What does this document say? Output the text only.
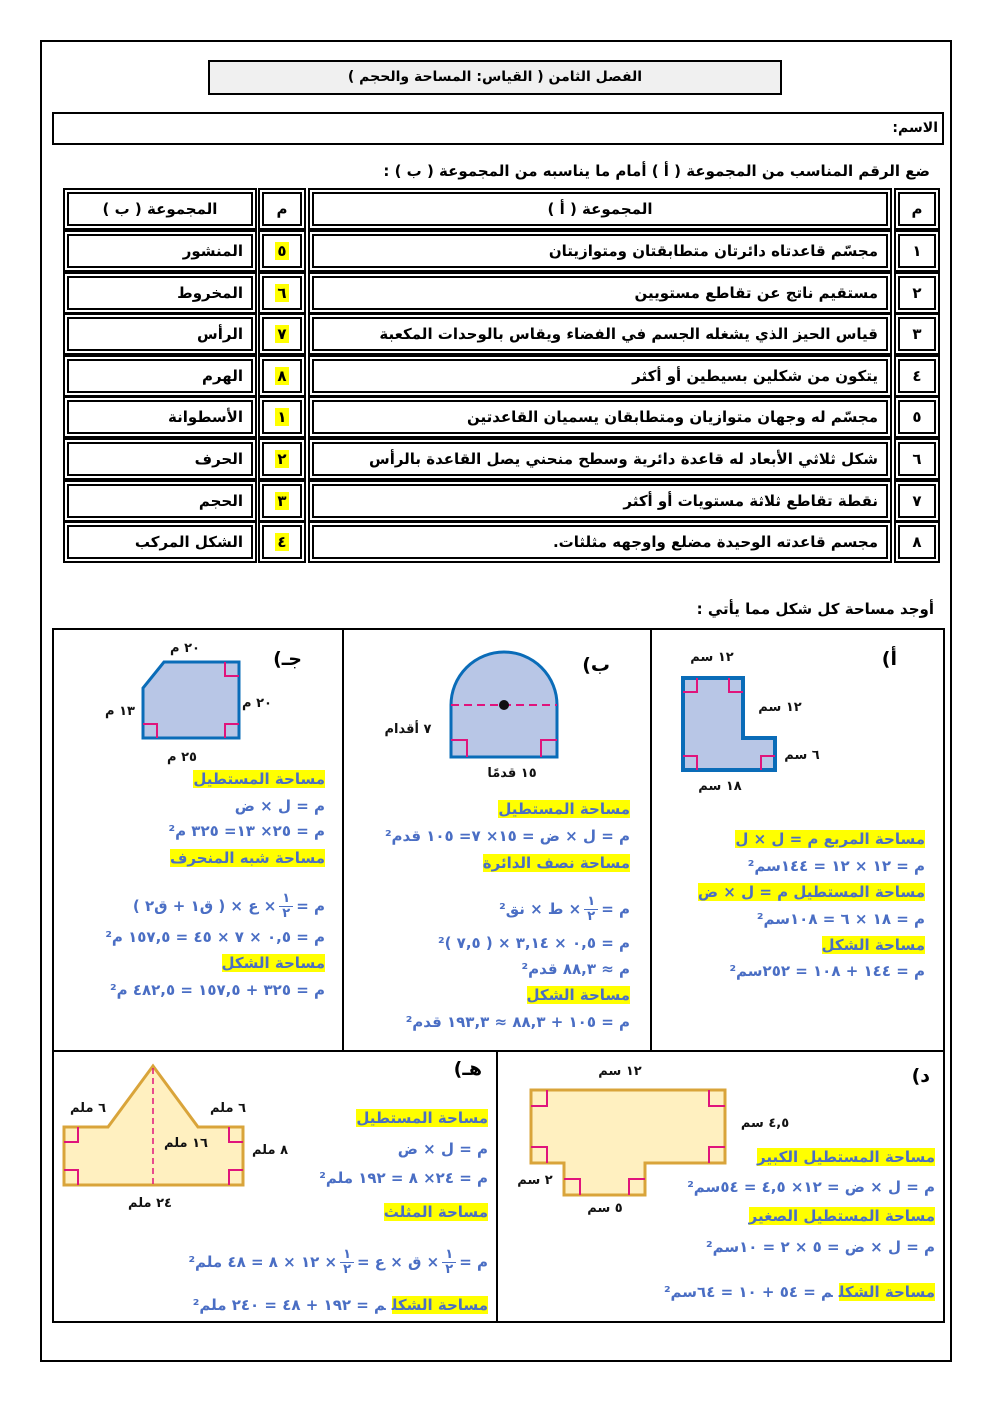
الفصل الثامن ( القياس: المساحة والحجم )
الاسم:
ضع الرقم المناسب من المجموعة ( أ ) أمام ما يناسبه من المجموعة ( ب ) :
م
المجموعة ( أ )
م
المجموعة ( ب )
١
مجسّم قاعدتاه دائرتان متطابقتان ومتوازيتان
٥
المنشور
٢
مستقيم ناتج عن تقاطع مستويين
٦
المخروط
٣
قياس الحيز الذي يشغله الجسم في الفضاء ويقاس بالوحدات المكعبة
٧
الرأس
٤
يتكون من شكلين بسيطين أو أكثر
٨
الهرم
٥
مجسّم له وجهان متوازيان ومتطابقان يسميان القاعدتين
١
الأسطوانة
٦
شكل ثلاثي الأبعاد له قاعدة دائرية وسطح منحني يصل القاعدة بالرأس
٢
الحرف
٧
نقطة تقاطع ثلاثة مستويات أو أكثر
٣
الحجم
٨
مجسم قاعدته الوحيدة مضلع واوجهه مثلثات.
٤
الشكل المركب
أوجد مساحة كل شكل مما يأتي :
أ)
١٢ سم
١٢ سم
٦ سم
١٨ سم
مساحة المربع م = ل × ل
م = ١٢ × ١٢ = ١٤٤سم²
مساحة المستطيل م = ل × ض
م = ١٨ × ٦ = ١٠٨سم²
مساحة الشكل
م = ١٤٤ + ١٠٨ = ٢٥٢سم²
ب)
٧ أقدام
١٥ قدمًا
مساحة المستطيل
م = ل × ض = ١٥× ٧= ١٠٥ قدم²
مساحة نصف الدائرة
م =
$\frac{١}{٢}$
× ط × نق²
م = ٠,٥ × ٣,١٤ × ( ٧,٥ )²
م ≈ ٨٨,٣ قدم²
مساحة الشكل
م = ١٠٥ + ٨٨,٣ ≈ ١٩٣,٣ قدم²
جـ)
٢٠ م
٢٠ م
١٣ م
٢٥ م
مساحة المستطيل
م = ل × ض
م = ٢٥× ١٣= ٣٢٥ م²
مساحة شبه المنحرف
م =
$\frac{١}{٢}$
× ع × ( ق١ + ق٢ )
م = ٠,٥ × ٧ × ٤٥ = ١٥٧,٥ م²
مساحة الشكل
م = ٣٢٥ + ١٥٧,٥ = ٤٨٢,٥ م²
د)
١٢ سم
٤,٥ سم
٢ سم
٥ سم
مساحة المستطيل الكبير
م = ل × ض = ١٢× ٤,٥ = ٥٤سم²
مساحة المستطيل الصغير
م = ل × ض = ٥ × ٢ = ١٠سم²
مساحة الشكلم = ٥٤ + ١٠ = ٦٤سم²
هـ)
٦ ملم	٦ ملم
١٦ ملم	٨ ملم
٢٤ ملم
مساحة المستطيل
م = ل × ض
م = ٢٤× ٨ = ١٩٢ ملم²
مساحة المثلث
م =
$\frac{١}{٢}$
× ق × ع =
$\frac{١}{٢}$
× ١٢ × ٨ = ٤٨ ملم²
مساحة الشكلم = ١٩٢ + ٤٨ = ٢٤٠ ملم²
